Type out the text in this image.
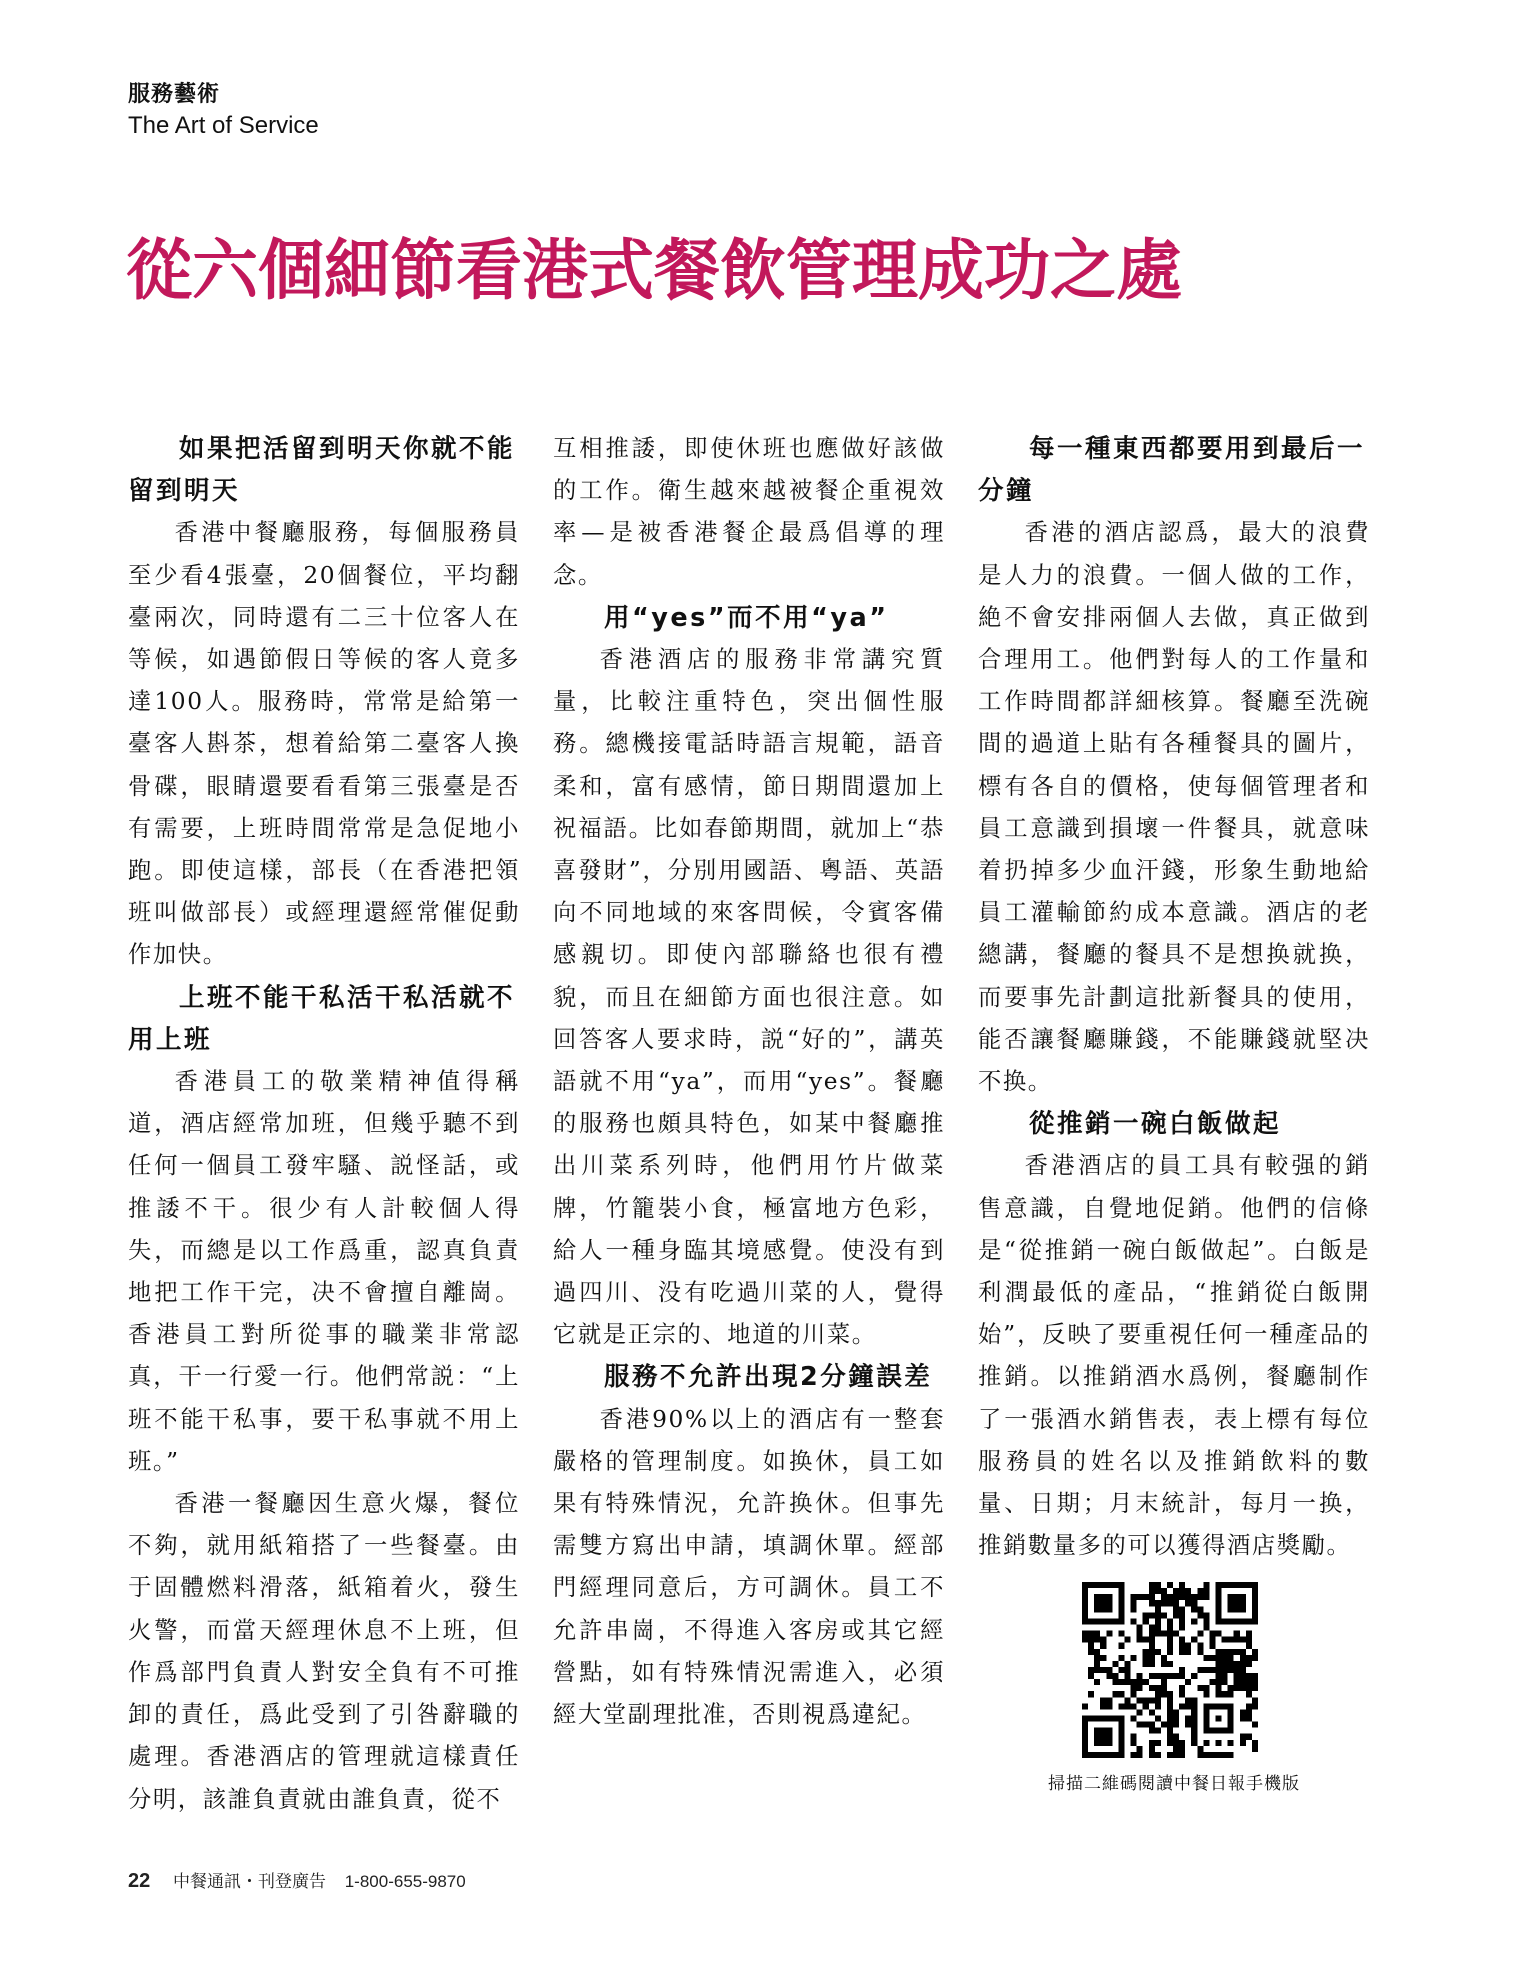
服務藝術
The Art of Service
從六個細節看港式餐飲管理成功之處
如果把活留到明天你就不能留到明天

香港中餐廳服務，每個服務員至少看4張臺，20個餐位，平均翻臺兩次，同時還有二三十位客人在等候，如遇節假日等候的客人竟多達100人。服務時，常常是給第一臺客人斟茶，想着給第二臺客人換骨碟，眼睛還要看看第三張臺是否有需要，上班時間常常是急促地小跑。即使這樣，部長（在香港把領班叫做部長）或經理還經常催促動作加快。

上班不能干私活干私活就不用上班

香港員工的敬業精神值得稱道，酒店經常加班，但幾乎聽不到任何一個員工發牢騷、説怪話，或推諉不干。很少有人計較個人得失，而總是以工作爲重，認真負責地把工作干完，决不會擅自離崗。香港員工對所從事的職業非常認真，干一行愛一行。他們常説：“上班不能干私事，要干私事就不用上班。”

香港一餐廳因生意火爆，餐位不夠，就用紙箱搭了一些餐臺。由于固體燃料滑落，紙箱着火，發生火警，而當天經理休息不上班，但作爲部門負責人對安全負有不可推卸的責任，爲此受到了引咎辭職的處理。香港酒店的管理就這樣責任分明，該誰負責就由誰負責，從不

互相推諉，即使休班也應做好該做的工作。衛生越來越被餐企重視效率—是被香港餐企最爲倡導的理念。

用“yes”而不用“ya”

香港酒店的服務非常講究質量，比較注重特色，突出個性服務。總機接電話時語言規範，語音柔和，富有感情，節日期間還加上祝福語。比如春節期間，就加上“恭喜發財”，分別用國語、粵語、英語向不同地域的來客問候，令賓客備感親切。即使內部聯絡也很有禮貌，而且在細節方面也很注意。如回答客人要求時，説“好的”，講英語就不用“ya”，而用“yes”。餐廳的服務也頗具特色，如某中餐廳推出川菜系列時，他們用竹片做菜牌，竹籠裝小食，極富地方色彩，給人一種身臨其境感覺。使没有到過四川、没有吃過川菜的人，覺得它就是正宗的、地道的川菜。

服務不允許出現2分鐘誤差

香港90%以上的酒店有一整套嚴格的管理制度。如换休，員工如果有特殊情況，允許换休。但事先需雙方寫出申請，填調休單。經部門經理同意后，方可調休。員工不允許串崗，不得進入客房或其它經營點，如有特殊情況需進入，必須經大堂副理批准，否則視爲違紀。

每一種東西都要用到最后一分鐘

香港的酒店認爲，最大的浪費是人力的浪費。一個人做的工作，絶不會安排兩個人去做，真正做到合理用工。他們對每人的工作量和工作時間都詳細核算。餐廳至洗碗間的過道上貼有各種餐具的圖片，標有各自的價格，使每個管理者和員工意識到損壞一件餐具，就意味着扔掉多少血汗錢，形象生動地給員工灌輸節約成本意識。酒店的老總講，餐廳的餐具不是想换就换，而要事先計劃這批新餐具的使用，能否讓餐廳賺錢，不能賺錢就堅决不换。

從推銷一碗白飯做起

香港酒店的員工具有較强的銷售意識，自覺地促銷。他們的信條是“從推銷一碗白飯做起”。白飯是利潤最低的產品，“推銷從白飯開始”，反映了要重視任何一種產品的推銷。以推銷酒水爲例，餐廳制作了一張酒水銷售表，表上標有每位服務員的姓名以及推銷飲料的數量、日期；月末統計，每月一换，推銷數量多的可以獲得酒店獎勵。

掃描二維碼閱讀中餐日報手機版
22 中餐通訊・刊登廣告 1-800-655-9870
